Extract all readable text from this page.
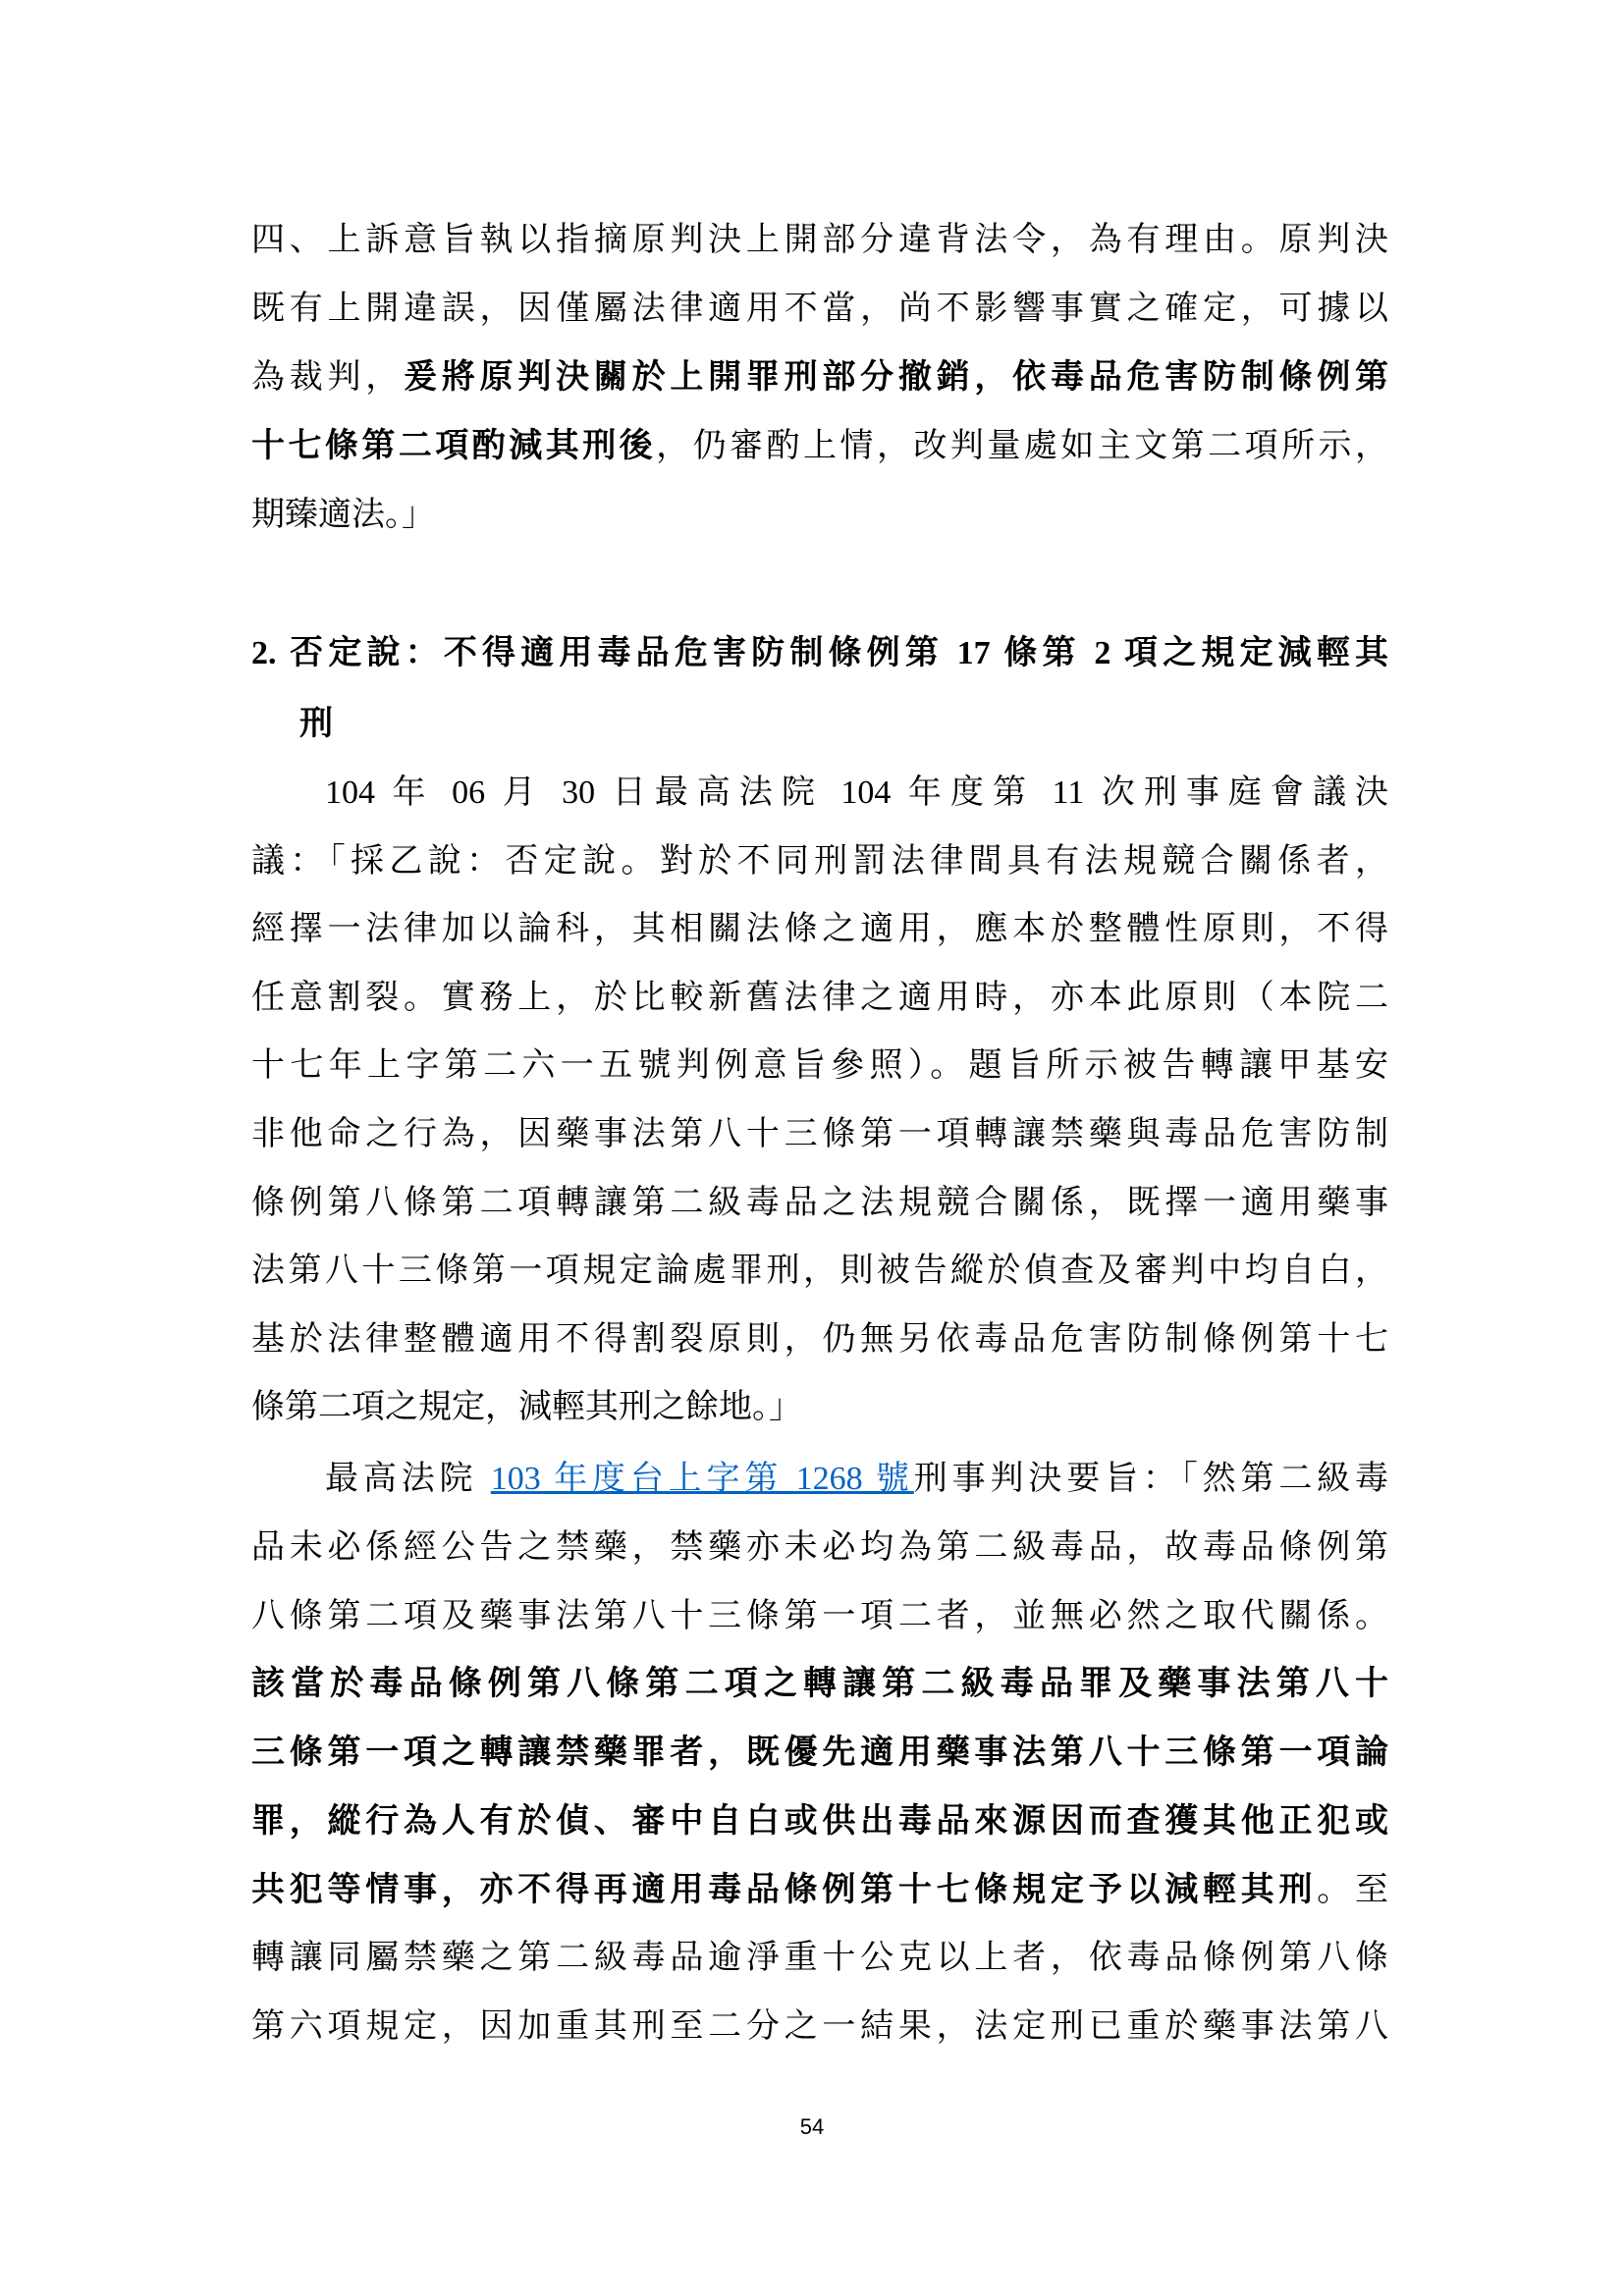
四、上訴意旨執以指摘原判決上開部分違背法令，為有理由。原判決
既有上開違誤，因僅屬法律適用不當，尚不影響事實之確定，可據以
為裁判，爰將原判決關於上開罪刑部分撤銷，依毒品危害防制條例第
十七條第二項酌減其刑後，仍審酌上情，改判量處如主文第二項所示，
期臻適法。」
2. 否定說：不得適用毒品危害防制條例第 17 條第 2 項之規定減輕其
刑
104 年 06 月 30 日最高法院 104 年度第 11 次刑事庭會議決
議：「採乙說：否定說。對於不同刑罰法律間具有法規競合關係者，
經擇一法律加以論科，其相關法條之適用，應本於整體性原則，不得
任意割裂。實務上，於比較新舊法律之適用時，亦本此原則（本院二
十七年上字第二六一五號判例意旨參照）。題旨所示被告轉讓甲基安
非他命之行為，因藥事法第八十三條第一項轉讓禁藥與毒品危害防制
條例第八條第二項轉讓第二級毒品之法規競合關係，既擇一適用藥事
法第八十三條第一項規定論處罪刑，則被告縱於偵查及審判中均自白，
基於法律整體適用不得割裂原則，仍無另依毒品危害防制條例第十七
條第二項之規定，減輕其刑之餘地。」
最高法院 103 年度台上字第 1268 號刑事判決要旨：「然第二級毒
品未必係經公告之禁藥，禁藥亦未必均為第二級毒品，故毒品條例第
八條第二項及藥事法第八十三條第一項二者，並無必然之取代關係。
該當於毒品條例第八條第二項之轉讓第二級毒品罪及藥事法第八十
三條第一項之轉讓禁藥罪者，既優先適用藥事法第八十三條第一項論
罪，縱行為人有於偵、審中自白或供出毒品來源因而查獲其他正犯或
共犯等情事，亦不得再適用毒品條例第十七條規定予以減輕其刑。至
轉讓同屬禁藥之第二級毒品逾淨重十公克以上者，依毒品條例第八條
第六項規定，因加重其刑至二分之一結果，法定刑已重於藥事法第八
54
